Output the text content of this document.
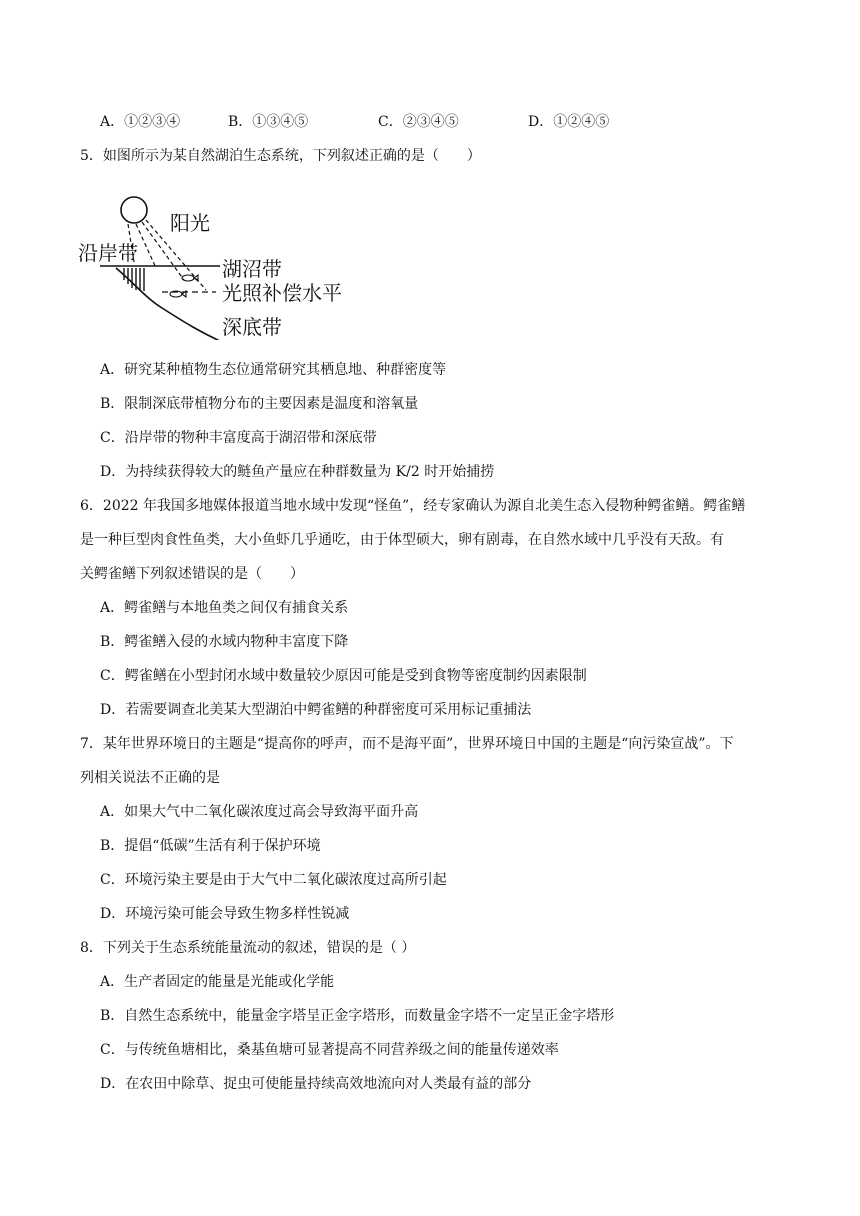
A．①②③④	B．①③④⑤	C．②③④⑤	D．①②④⑤
5．如图所示为某自然湖泊生态系统，下列叙述正确的是（　　）
阳光
沿岸带
湖沼带
光照补偿水平
深底带
A．研究某种植物生态位通常研究其栖息地、种群密度等
B．限制深底带植物分布的主要因素是温度和溶氧量
C．沿岸带的物种丰富度高于湖沼带和深底带
D．为持续获得较大的鲢鱼产量应在种群数量为 K/2 时开始捕捞
6．2022 年我国多地媒体报道当地水域中发现“怪鱼”，经专家确认为源自北美生态入侵物种鳄雀鳝。鳄雀鳝
是一种巨型肉食性鱼类，大小鱼虾几乎通吃，由于体型硕大，卵有剧毒，在自然水域中几乎没有天敌。有
关鳄雀鳝下列叙述错误的是（　　）
A．鳄雀鳝与本地鱼类之间仅有捕食关系
B．鳄雀鳝入侵的水域内物种丰富度下降
C．鳄雀鳝在小型封闭水域中数量较少原因可能是受到食物等密度制约因素限制
D．若需要调查北美某大型湖泊中鳄雀鳝的种群密度可采用标记重捕法
7．某年世界环境日的主题是“提高你的呼声，而不是海平面”，世界环境日中国的主题是“向污染宣战”。下
列相关说法不正确的是
A．如果大气中二氧化碳浓度过高会导致海平面升高
B．提倡“低碳”生活有利于保护环境
C．环境污染主要是由于大气中二氧化碳浓度过高所引起
D．环境污染可能会导致生物多样性锐减
8．下列关于生态系统能量流动的叙述，错误的是（ ）
A．生产者固定的能量是光能或化学能
B．自然生态系统中，能量金字塔呈正金字塔形，而数量金字塔不一定呈正金字塔形
C．与传统鱼塘相比，桑基鱼塘可显著提高不同营养级之间的能量传递效率
D．在农田中除草、捉虫可使能量持续高效地流向对人类最有益的部分
